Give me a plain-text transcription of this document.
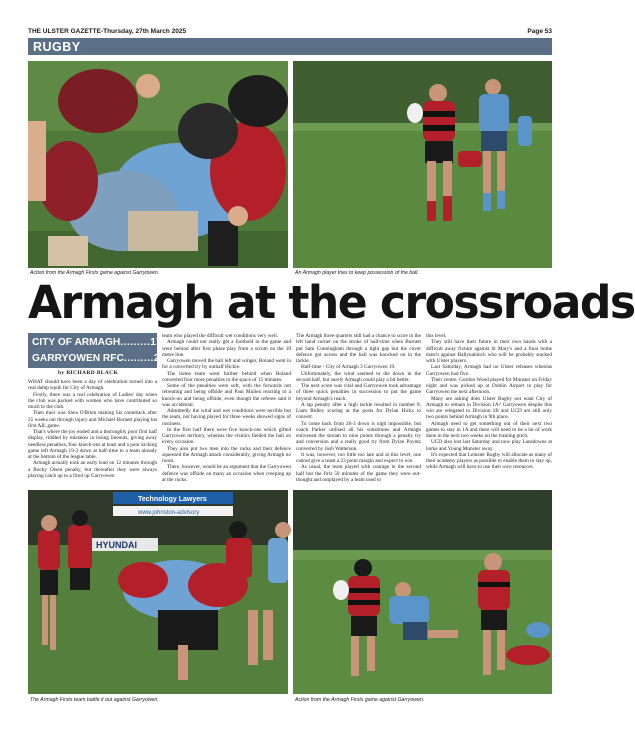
THE ULSTER GAZETTE-Thursday, 27th March 2025	Page 53
RUGBY
Action from the Armagh Firsts game against Garryowen.	An Armagh player tries to keep possession of the ball.
Armagh at the crossroads
CITY OF ARMAGH ......... 17
GARRYOWEN RFC ......... 26
by RICHARD BLACK

WHAT should have been a day of celebration turned into a real damp squib for City of Armagh.

Firstly, there was a real celebration of Ladies' day when the club was packed with women who have contributed so much to the club.

Then their was Shea O'Brien making his comeback after 25 weeks out through injury and Michael Burnett playing his first AIL game.

That's where the joy ended and a thoroughly poor first half display, riddled by mistakes in losing lineouts, giving away needless penalties, four knock-ons at least and a poor kicking game left Armagh 19-3 down at half-time to a team already at the bottom of the league table.

Armagh actually took an early lead on 12 minutes through a Rocky Olsen penalty, but thereafter they were always playing catch up to a fired up Garryowen

team who played the difficult wet conditions very well.

Armagh could not really get a foothold in the game and were behind after first phase play from a scrum on the 10 metre line.

Garryowen moved the ball left and winger, Boland went in for a converted try by outhalf Hickie.

The home team went further behind when Boland converted four more penalties in the space of 15 minutes.

Some of the penalties were soft, with the forwards not retreating and being offside and Paul Mullen reacting to a knock-on and being offside, even though the referee said it was accidental.

Admittedly the wind and wet conditions were terrible but the team, not having played for three weeks showed signs of rustiness.

In the first half there were five knock-ons which gifted Garryowen territory, whereas the visitors fielded the ball on every occasion.

They also put two men into the rucks and their defence squeezed the Armagh attack considerably, giving Armagh no room.

There, however, would be an argument that the Garryowen defence was offside on many an occasion when creeping up at the rucks.

The Armagh three quarters still had a chance to score in the left hand corner on the stroke of half-time when Burnett put Sam Cunningham through a tight gap but the cover defence got across and the ball was knocked on in the tackle.

Half-time - City of Armagh 3 Garryowen 19.

Unfortunately, the wind seemed to die down in the second half, but surely Armagh could play a bit better.

The next score was vital and Garryowen took advantage of three quick penalties in succession to put the game beyond Armagh's reach.

A tap penalty after a high tackle resulted in number 8, Liam Ridley scoring at the posts for Dylan Hicks to convert.

To come back from 26-3 down is nigh impossible, but coach Parker utilised all his substitutes and Armagh enlivened the stream to nine points through a penalty try and conversion and a really good try from Dylan Poyntz converted by Josh Watterson.

It was, however, too little too late and at this level, one cannot give a team a 23 point margin and expect to win.

As usual, the team played with courage in the second half but the first 50 minutes of the game they were out-thought and outplayed by a team used to

this level.

They still have their future in their own hands with a difficult away fixture against St Mary's and a final home match against Ballynahinch who will be probably stacked with Ulster players.

Last Saturday, Armagh had no Ulster releases whereas Garryowen had five.

Their centre, Gordon Wood played for Munster on Friday night and was picked up at Dublin Airport to play for Garryowen the next afternoon.

Many are asking does Ulster Rugby not want City of Armagh to remain in Division 1A? Garryowen despite this win are relegated to Division 1B and UCD are still only two points behind Armagh in 9th place.

Armagh need to get something out of their next two games to stay in 1A and there will need to be a lot of work done in the next two weeks on the training pitch.

UCD also lost last Saturday and now play Lansdowne at home and Young Munster away.

It's expected that Leinster Rugby will allocate as many of their academy players as possible to enable them to stay up, while Armagh will have to use their own resources.

Technology Lawyers
www.johnston-advisory
HYUNDAI
The Armagh Firsts team battle it out against Garryowen.	Action from the Armagh Firsts game against Garryowen.
